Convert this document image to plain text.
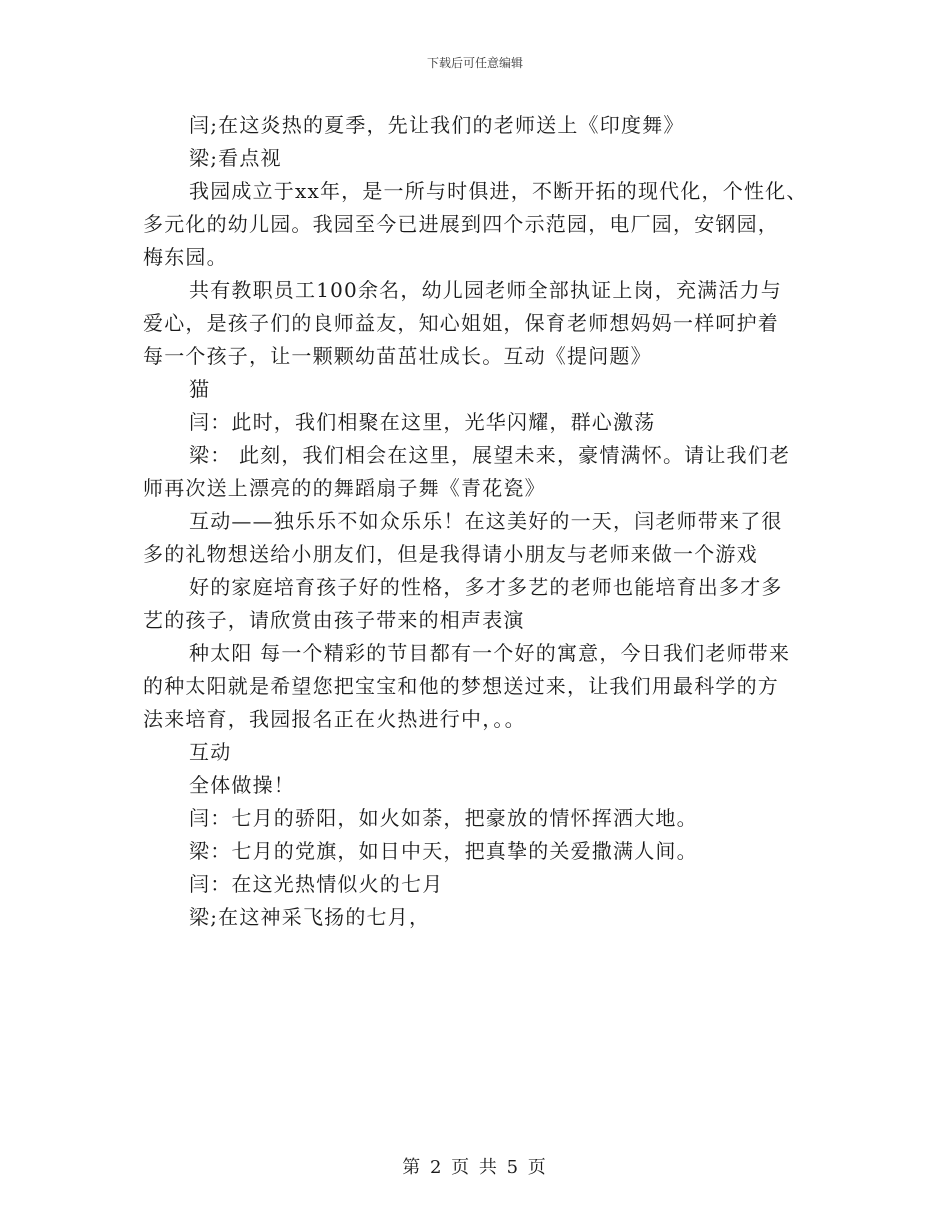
下载后可任意编辑
闫;在这炎热的夏季，先让我们的老师送上《印度舞》
梁;看点视
我园成立于xx年，是一所与时俱进，不断开拓的现代化，个性化、
多元化的幼儿园。我园至今已进展到四个示范园，电厂园，安钢园，
梅东园。
共有教职员工100余名，幼儿园老师全部执证上岗，充满活力与
爱心，是孩子们的良师益友，知心姐姐，保育老师想妈妈一样呵护着
每一个孩子，让一颗颗幼苗茁壮成长。互动《提问题》
猫
闫：此时，我们相聚在这里，光华闪耀，群心激荡
梁： 此刻，我们相会在这里，展望未来，豪情满怀。请让我们老
师再次送上漂亮的的舞蹈扇子舞《青花瓷》
互动——独乐乐不如众乐乐！在这美好的一天，闫老师带来了很
多的礼物想送给小朋友们，但是我得请小朋友与老师来做一个游戏
好的家庭培育孩子好的性格，多才多艺的老师也能培育出多才多
艺的孩子，请欣赏由孩子带来的相声表演
种太阳 每一个精彩的节目都有一个好的寓意，今日我们老师带来
的种太阳就是希望您把宝宝和他的梦想送过来，让我们用最科学的方
法来培育，我园报名正在火热进行中，。。
互动
全体做操！
闫：七月的骄阳，如火如荼，把豪放的情怀挥洒大地。
梁：七月的党旗，如日中天，把真挚的关爱撒满人间。
闫：在这光热情似火的七月
梁;在这神采飞扬的七月，
第 2 页 共 5 页
